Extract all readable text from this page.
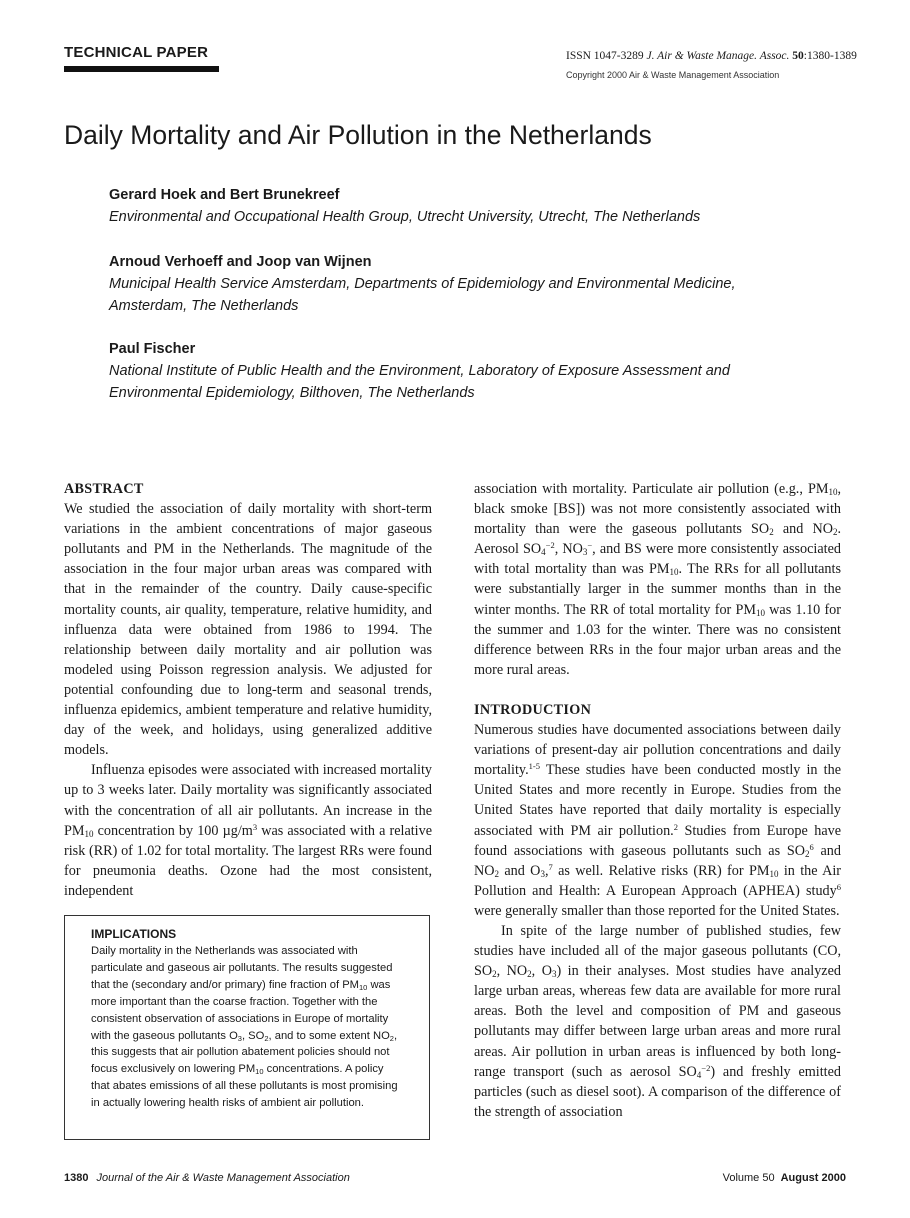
TECHNICAL PAPER	ISSN 1047-3289 J. Air & Waste Manage. Assoc. 50:1380-1389
Copyright 2000 Air & Waste Management Association
Daily Mortality and Air Pollution in the Netherlands
Gerard Hoek and Bert Brunekreef
Environmental and Occupational Health Group, Utrecht University, Utrecht, The Netherlands
Arnoud Verhoeff and Joop van Wijnen
Municipal Health Service Amsterdam, Departments of Epidemiology and Environmental Medicine,
Amsterdam, The Netherlands
Paul Fischer
National Institute of Public Health and the Environment, Laboratory of Exposure Assessment and
Environmental Epidemiology, Bilthoven, The Netherlands
ABSTRACT

We studied the association of daily mortality with short-term variations in the ambient concentrations of major gaseous pollutants and PM in the Netherlands. The magnitude of the association in the four major urban areas was compared with that in the remainder of the country. Daily cause-specific mortality counts, air quality, temperature, relative humidity, and influenza data were obtained from 1986 to 1994. The relationship between daily mortality and air pollution was modeled using Poisson regression analysis. We adjusted for potential confounding due to long-term and seasonal trends, influenza epidemics, ambient temperature and relative humidity, day of the week, and holidays, using generalized additive models.

Influenza episodes were associated with increased mortality up to 3 weeks later. Daily mortality was significantly associated with the concentration of all air pollutants. An increase in the $PM_{10}$ concentration by 100 $\mu g/m^3$ was associated with a relative risk (RR) of 1.02 for total mortality. The largest RRs were found for pneumonia deaths. Ozone had the most consistent, independent

IMPLICATIONS
Daily mortality in the Netherlands was associated with particulate and gaseous air pollutants. The results suggested that the (secondary and/or primary) fine fraction of $PM_{10}$ was more important than the coarse fraction. Together with the consistent observation of associations in Europe of mortality with the gaseous pollutants $O_3$, $SO_2$, and to some extent $NO_2$, this suggests that air pollution abatement policies should not focus exclusively on lowering $PM_{10}$ concentrations. A policy that abates emissions of all these pollutants is most promising in actually lowering health risks of ambient air pollution.

association with mortality. Particulate air pollution (e.g., $PM_{10}$, black smoke [BS]) was not more consistently associated with mortality than were the gaseous pollutants $SO_2$ and $NO_2$. Aerosol $SO_4^{-2}$, $NO_3^-$, and BS were more consistently associated with total mortality than was $PM_{10}$. The RRs for all pollutants were substantially larger in the summer months than in the winter months. The RR of total mortality for $PM_{10}$ was 1.10 for the summer and 1.03 for the winter. There was no consistent difference between RRs in the four major urban areas and the more rural areas.

INTRODUCTION

Numerous studies have documented associations between daily variations of present-day air pollution concentrations and daily mortality.$^{1-5}$ These studies have been conducted mostly in the United States and more recently in Europe. Studies from the United States have reported that daily mortality is especially associated with PM air pollution.$^2$ Studies from Europe have found associations with gaseous pollutants such as $SO_2^6$ and $NO_2$ and $O_3,^7$ as well. Relative risks (RR) for $PM_{10}$ in the Air Pollution and Health: A European Approach (APHEA) study$^6$ were generally smaller than those reported for the United States.

In spite of the large number of published studies, few studies have included all of the major gaseous pollutants (CO, $SO_2$, $NO_2$, $O_3$) in their analyses. Most studies have analyzed large urban areas, whereas few data are available for more rural areas. Both the level and composition of PM and gaseous pollutants may differ between large urban areas and more rural areas. Air pollution in urban areas is influenced by both long-range transport (such as aerosol $SO_4^{-2}$) and freshly emitted particles (such as diesel soot). A comparison of the difference of the strength of association

1380 Journal of the Air & Waste Management Association	Volume 50 August 2000
